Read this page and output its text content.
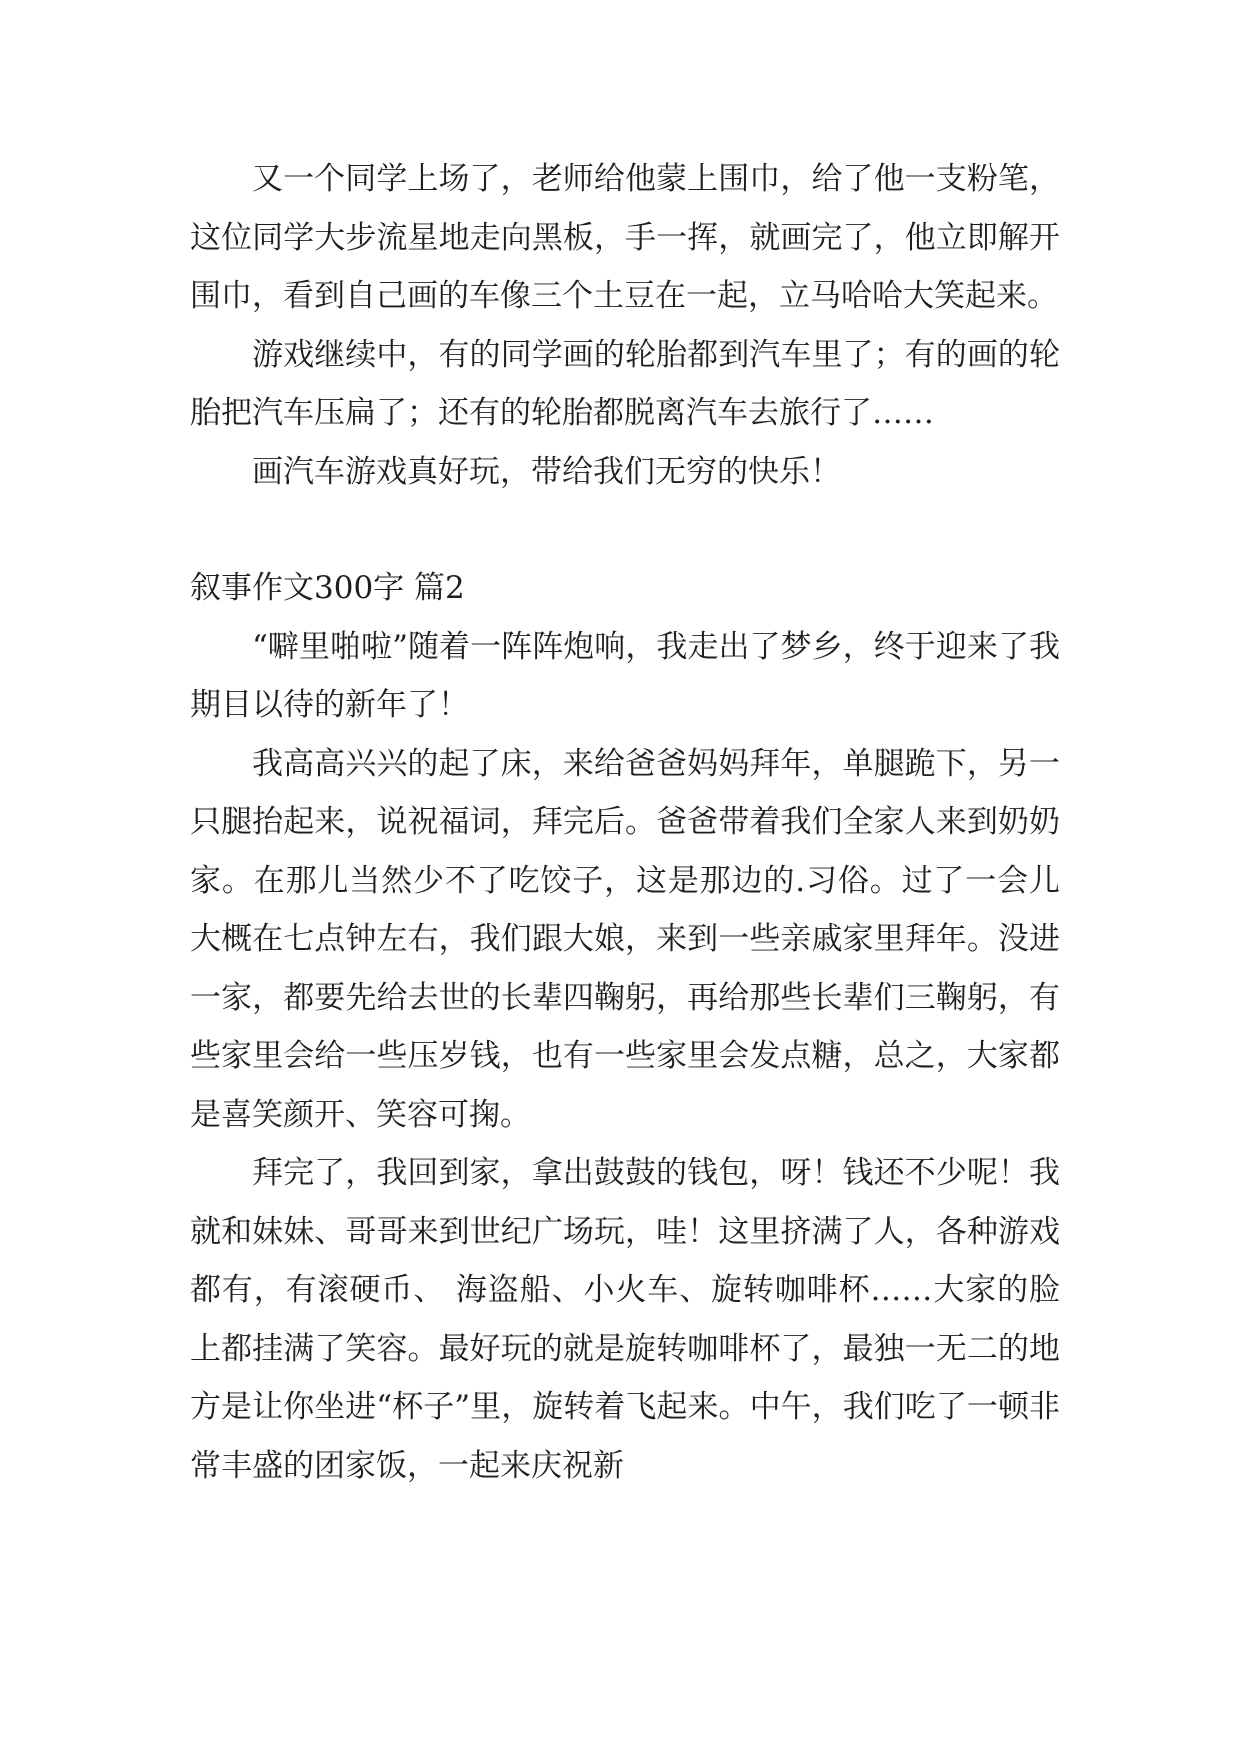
又一个同学上场了，老师给他蒙上围巾，给了他一支粉笔，这位同学大步流星地走向黑板，手一挥，就画完了，他立即解开围巾，看到自己画的车像三个土豆在一起，立马哈哈大笑起来。

游戏继续中，有的同学画的轮胎都到汽车里了；有的画的轮胎把汽车压扁了；还有的轮胎都脱离汽车去旅行了……

画汽车游戏真好玩，带给我们无穷的快乐！

叙事作文300字 篇2

“噼里啪啦”随着一阵阵炮响，我走出了梦乡，终于迎来了我期目以待的新年了！

我高高兴兴的起了床，来给爸爸妈妈拜年，单腿跪下，另一只腿抬起来，说祝福词，拜完后。爸爸带着我们全家人来到奶奶家。在那儿当然少不了吃饺子，这是那边的.习俗。过了一会儿大概在七点钟左右，我们跟大娘，来到一些亲戚家里拜年。没进一家，都要先给去世的长辈四鞠躬，再给那些长辈们三鞠躬，有些家里会给一些压岁钱，也有一些家里会发点糖，总之，大家都是喜笑颜开、笑容可掬。

拜完了，我回到家，拿出鼓鼓的钱包，呀！钱还不少呢！我就和妹妹、哥哥来到世纪广场玩，哇！这里挤满了人，各种游戏都有，有滚硬币、 海盗船、小火车、旋转咖啡杯……大家的脸上都挂满了笑容。最好玩的就是旋转咖啡杯了，最独一无二的地方是让你坐进“杯子”里，旋转着飞起来。中午，我们吃了一顿非常丰盛的团家饭，一起来庆祝新
